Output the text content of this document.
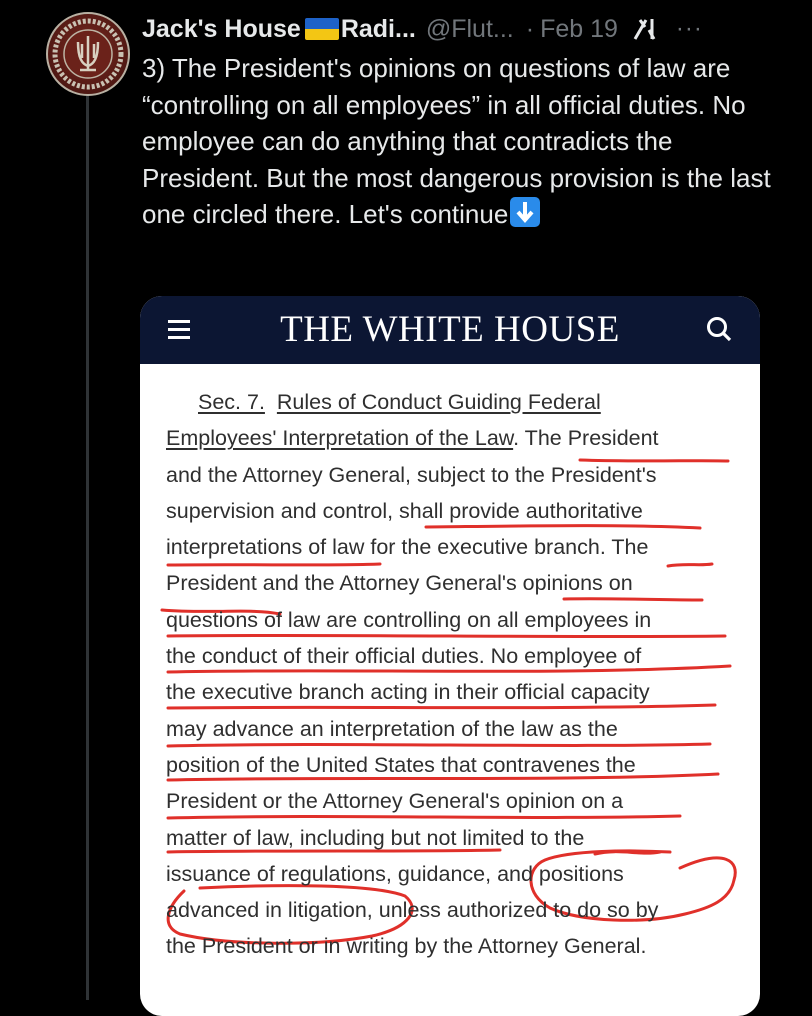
Jack's House Radi... @Flut... · Feb 19 ···

3) The President's opinions on questions of law are “controlling on all employees” in all official duties. No employee can do anything that contradicts the President. But the most dangerous provision is the last one circled there. Let's continue

THE WHITE HOUSE
Sec. 7. Rules of Conduct Guiding Federal
Employees' Interpretation of the Law. The President
and the Attorney General, subject to the President's
supervision and control, shall provide authoritative
interpretations of law for the executive branch. The
President and the Attorney General's opinions on
questions of law are controlling on all employees in
the conduct of their official duties. No employee of
the executive branch acting in their official capacity
may advance an interpretation of the law as the
position of the United States that contravenes the
President or the Attorney General's opinion on a
matter of law, including but not limited to the
issuance of regulations, guidance, and positions
advanced in litigation, unless authorized to do so by
the President or in writing by the Attorney General.
